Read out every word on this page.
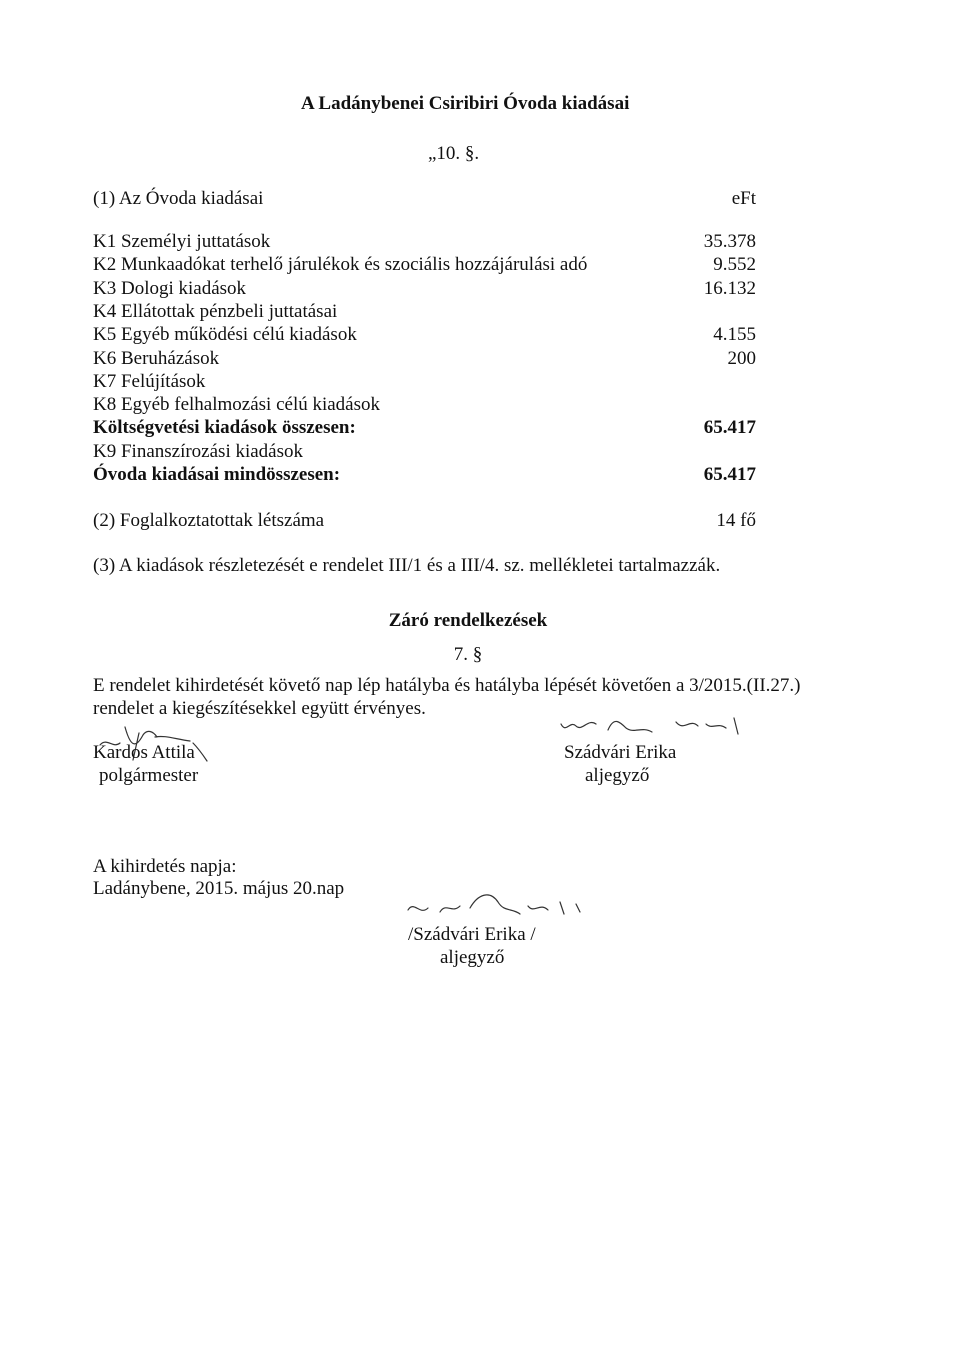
A Ladánybenei Csiribiri Óvoda kiadásai
„10. §.
(1) Az Óvoda kiadásai	eFt
K1 Személyi juttatások	35.378
K2 Munkaadókat terhelő járulékok és szociális hozzájárulási adó	9.552
K3 Dologi kiadások	16.132
K4 Ellátottak pénzbeli juttatásai
K5 Egyéb működési célú kiadások	4.155
K6 Beruházások	200
K7 Felújítások
K8 Egyéb felhalmozási célú kiadások
Költségvetési kiadások összesen:	65.417
K9 Finanszírozási kiadások
Óvoda kiadásai mindösszesen:	65.417
(2) Foglalkoztatottak létszáma	14 fő
(3) A kiadások részletezését e rendelet III/1 és a III/4. sz. mellékletei tartalmazzák.
Záró rendelkezések
7. §
E rendelet kihirdetését követő nap lép hatályba és hatályba lépését követően a 3/2015.(II.27.)
rendelet a kiegészítésekkel együtt érvényes.
Kardos Attila
polgármester
Szádvári Erika
aljegyző
A kihirdetés napja:
Ladánybene, 2015. május 20.nap
/Szádvári Erika /
aljegyző
